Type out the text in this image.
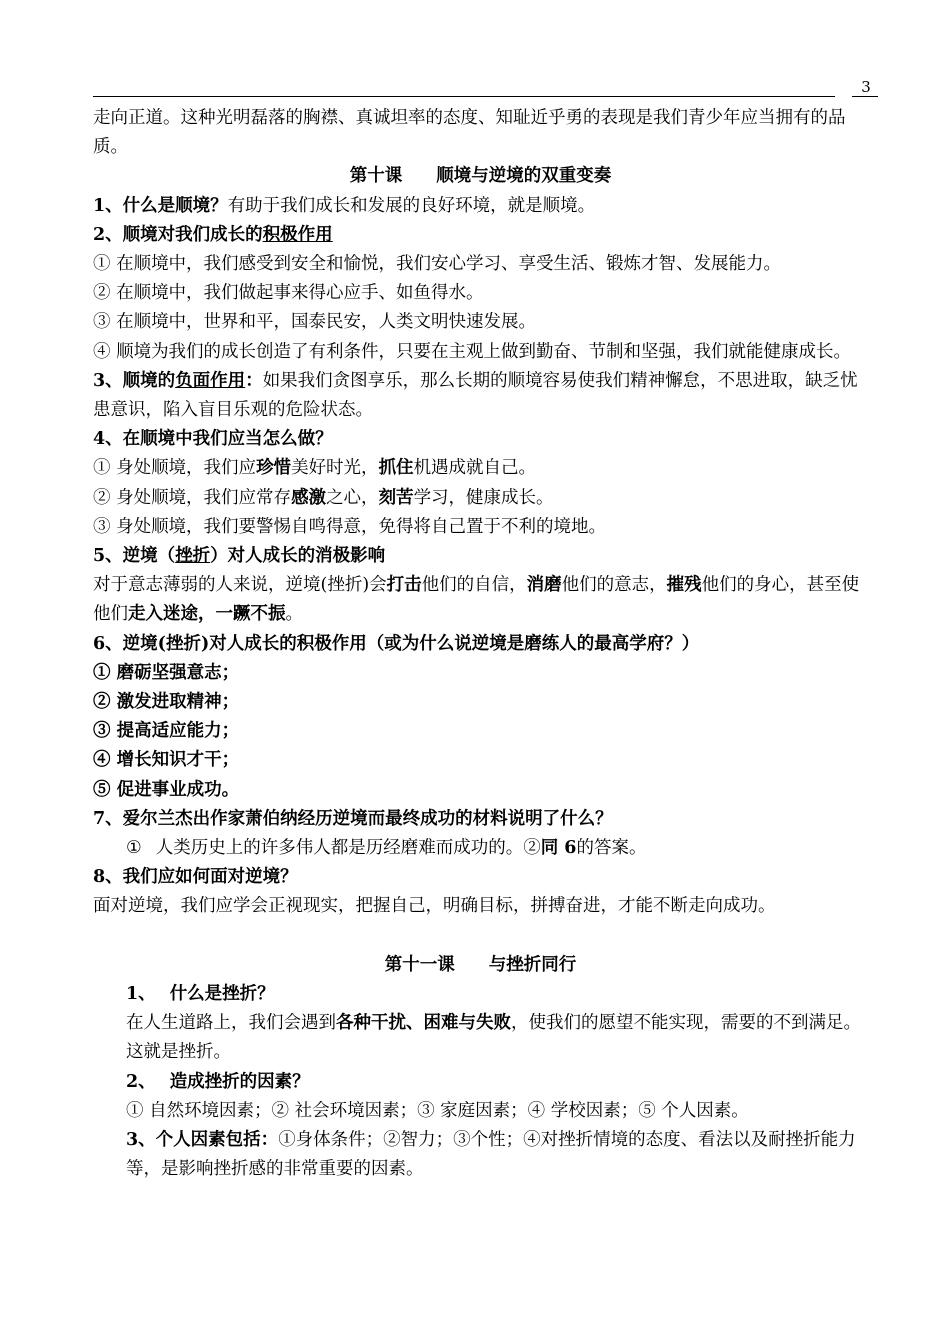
3

走向正道。这种光明磊落的胸襟、真诚坦率的态度、知耻近乎勇的表现是我们青少年应当拥有的品质。

第十课 顺境与逆境的双重变奏

1、什么是顺境？有助于我们成长和发展的良好环境，就是顺境。

2、顺境对我们成长的积极作用

① 在顺境中，我们感受到安全和愉悦，我们安心学习、享受生活、锻炼才智、发展能力。

② 在顺境中，我们做起事来得心应手、如鱼得水。

③ 在顺境中，世界和平，国泰民安，人类文明快速发展。

④ 顺境为我们的成长创造了有利条件，只要在主观上做到勤奋、节制和坚强，我们就能健康成长。

3、顺境的负面作用：如果我们贪图享乐，那么长期的顺境容易使我们精神懈怠，不思进取，缺乏忧患意识，陷入盲目乐观的危险状态。

4、在顺境中我们应当怎么做？

① 身处顺境，我们应珍惜美好时光，抓住机遇成就自己。

② 身处顺境，我们应常存感激之心，刻苦学习，健康成长。

③ 身处顺境，我们要警惕自鸣得意，免得将自己置于不利的境地。

5、逆境（挫折）对人成长的消极影响

对于意志薄弱的人来说，逆境(挫折)会打击他们的自信，消磨他们的意志，摧残他们的身心，甚至使他们走入迷途，一蹶不振。

6、逆境(挫折)对人成长的积极作用（或为什么说逆境是磨练人的最高学府？）

① 磨砺坚强意志；

② 激发进取精神；

③ 提高适应能力；

④ 增长知识才干；

⑤ 促进事业成功。

7、爱尔兰杰出作家萧伯纳经历逆境而最终成功的材料说明了什么？

① 人类历史上的许多伟人都是历经磨难而成功的。②同 6的答案。

8、我们应如何面对逆境？

面对逆境，我们应学会正视现实，把握自己，明确目标，拼搏奋进，才能不断走向成功。

第十一课 与挫折同行

1、 什么是挫折？

在人生道路上，我们会遇到各种干扰、困难与失败，使我们的愿望不能实现，需要的不到满足。这就是挫折。

2、 造成挫折的因素？

① 自然环境因素；② 社会环境因素；③ 家庭因素；④ 学校因素；⑤ 个人因素。

3、个人因素包括：①身体条件；②智力；③个性；④对挫折情境的态度、看法以及耐挫折能力等，是影响挫折感的非常重要的因素。
